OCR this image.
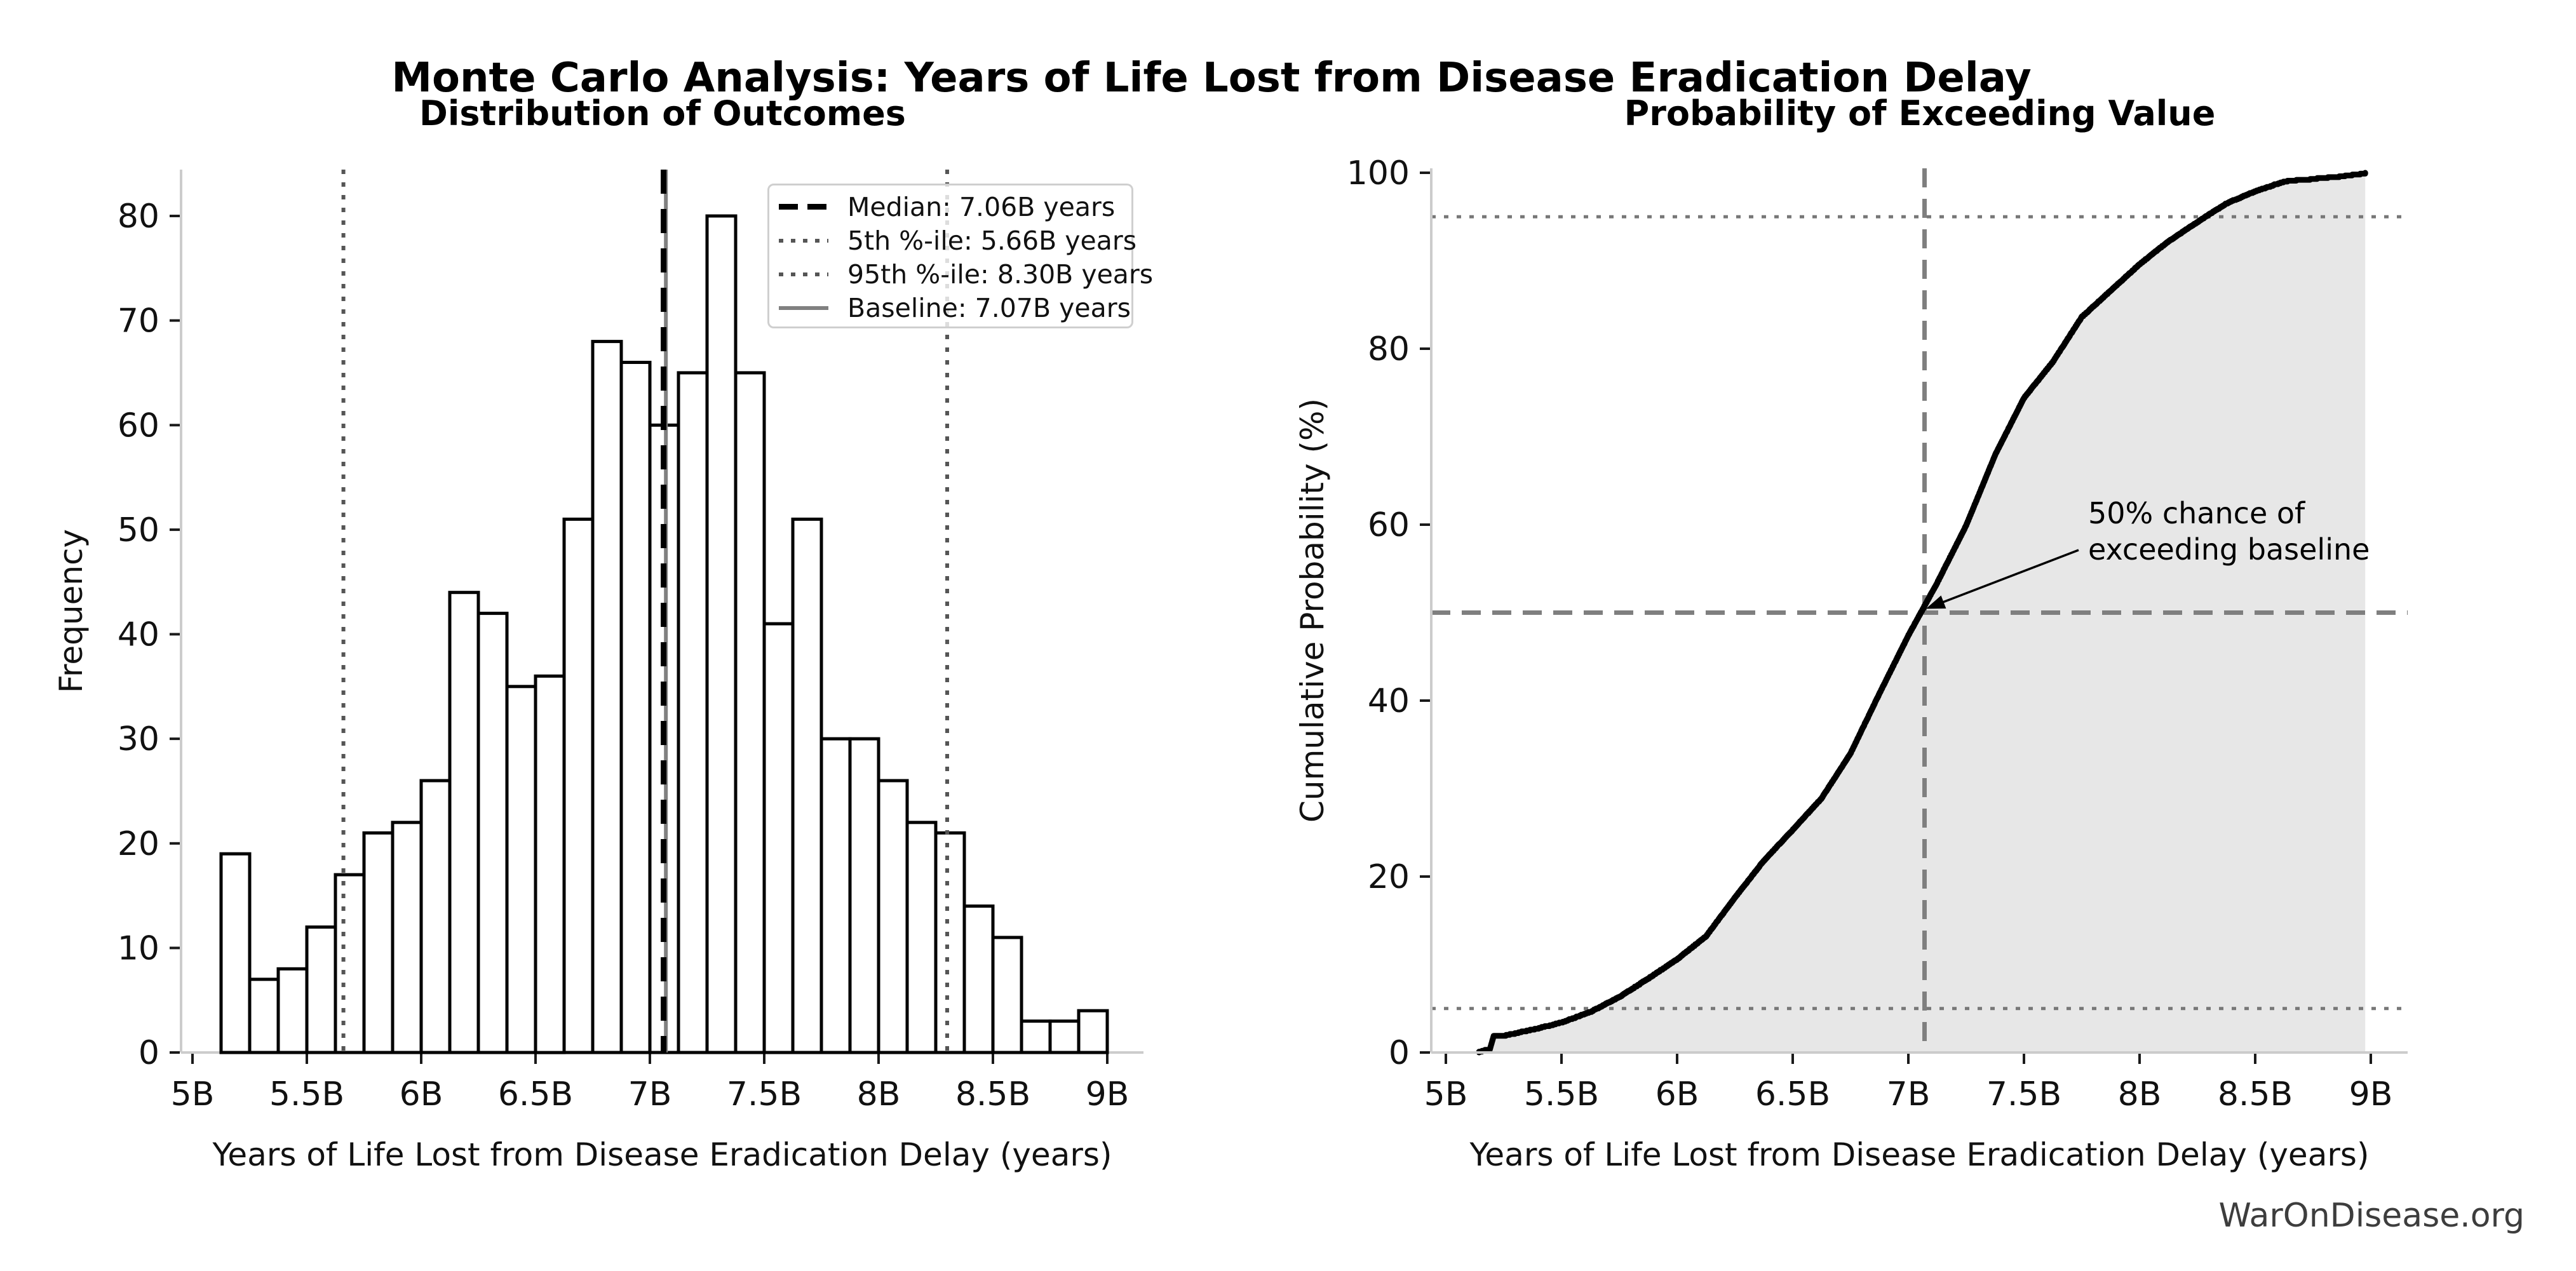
5B 5.5B 6B 6.5B 7B 7.5B 8B 8.5B 9B
0
10
20
30
40
50
60
70
80
Years of Life Lost from Disease Eradication Delay (years)
5B 5.5B 6B 6.5B 7B 7.5B 8B 8.5B 9B
0
20
40
60
80
100
Years of Life Lost from Disease Eradication Delay (years)
Monte Carlo Analysis: Years of Life Lost from Disease Eradication Delay
Distribution of Outcomes	Probability of Exceeding Value
Frequency	Cumulative Probability (%)
Median: 7.06B years
5th %-ile: 5.66B years
95th %-ile: 8.30B years
Baseline: 7.07B years
50% chance of
exceeding baseline
WarOnDisease.org
